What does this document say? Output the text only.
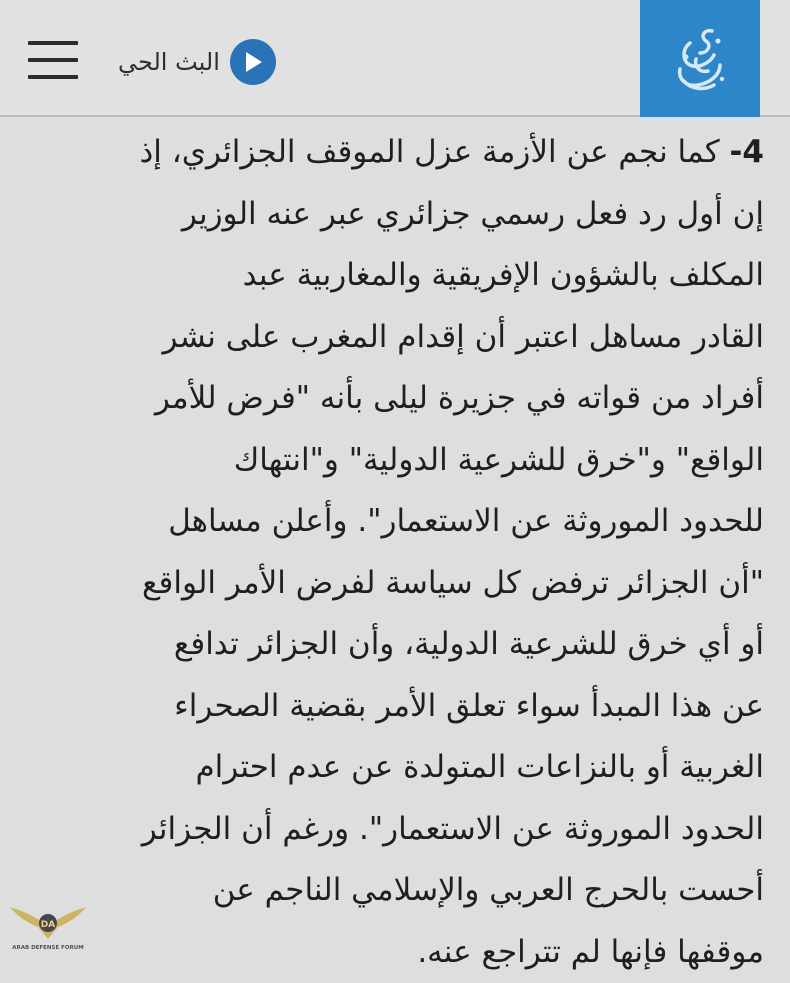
البث الحي
4- كما نجم عن الأزمة عزل الموقف الجزائري، إذ
إن أول رد فعل رسمي جزائري عبر عنه الوزير
المكلف بالشؤون الإفريقية والمغاربية عبد
القادر مساهل اعتبر أن إقدام المغرب على نشر
أفراد من قواته في جزيرة ليلى بأنه "فرض للأمر
الواقع" و"خرق للشرعية الدولية" و"انتهاك
للحدود الموروثة عن الاستعمار". وأعلن مساهل
"أن الجزائر ترفض كل سياسة لفرض الأمر الواقع
أو أي خرق للشرعية الدولية، وأن الجزائر تدافع
عن هذا المبدأ سواء تعلق الأمر بقضية الصحراء
الغربية أو بالنزاعات المتولدة عن عدم احترام
الحدود الموروثة عن الاستعمار". ورغم أن الجزائر
أحست بالحرج العربي والإسلامي الناجم عن
موقفها فإنها لم تتراجع عنه.
DA
ARAB DEFENSE FORUM
